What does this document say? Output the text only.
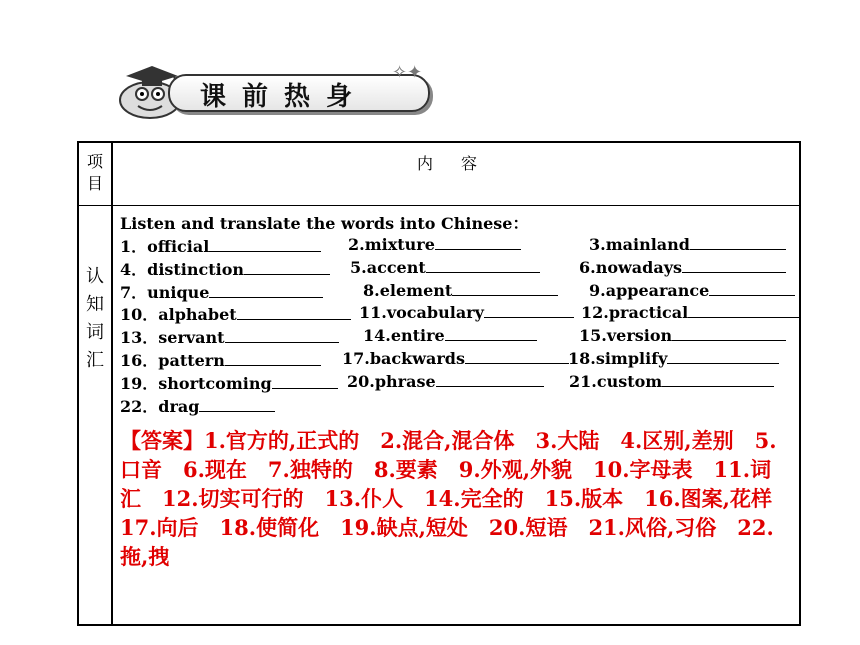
课前热身
✧✦
项目
内容
认知词汇
Listen and translate the words into Chinese：
1．official	2.mixture	3.mainland
4．distinction	5.accent	6.nowadays
7．unique	8.element	9.appearance
10．alphabet	11.vocabulary	12.practical
13．servant	14.entire	15.version
16．pattern	17.backwards	18.simplify
19．shortcoming	20.phrase	21.custom
22．drag
【答案】1.官方的,正式的　2.混合,混合体　3.大陆　4.区别,差别　5.口音　6.现在　7.独特的　8.要素　9.外观,外貌　10.字母表　11.词汇　12.切实可行的　13.仆人　14.完全的　15.版本　16.图案,花样　17.向后　18.使简化　19.缺点,短处　20.短语　21.风俗,习俗　22.拖,拽
